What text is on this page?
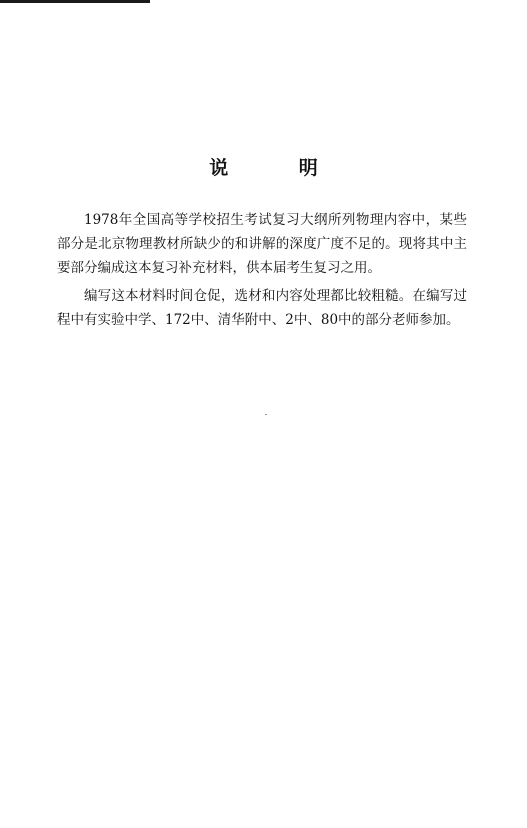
说 明

1978年全国高等学校招生考试复习大纲所列物理内容中，某些部分是北京物理教材所缺少的和讲解的深度广度不足的。现将其中主要部分编成这本复习补充材料，供本届考生复习之用。

编写这本材料时间仓促，选材和内容处理都比较粗糙。在编写过程中有实验中学、172中、清华附中、2中、80中的部分老师参加。
